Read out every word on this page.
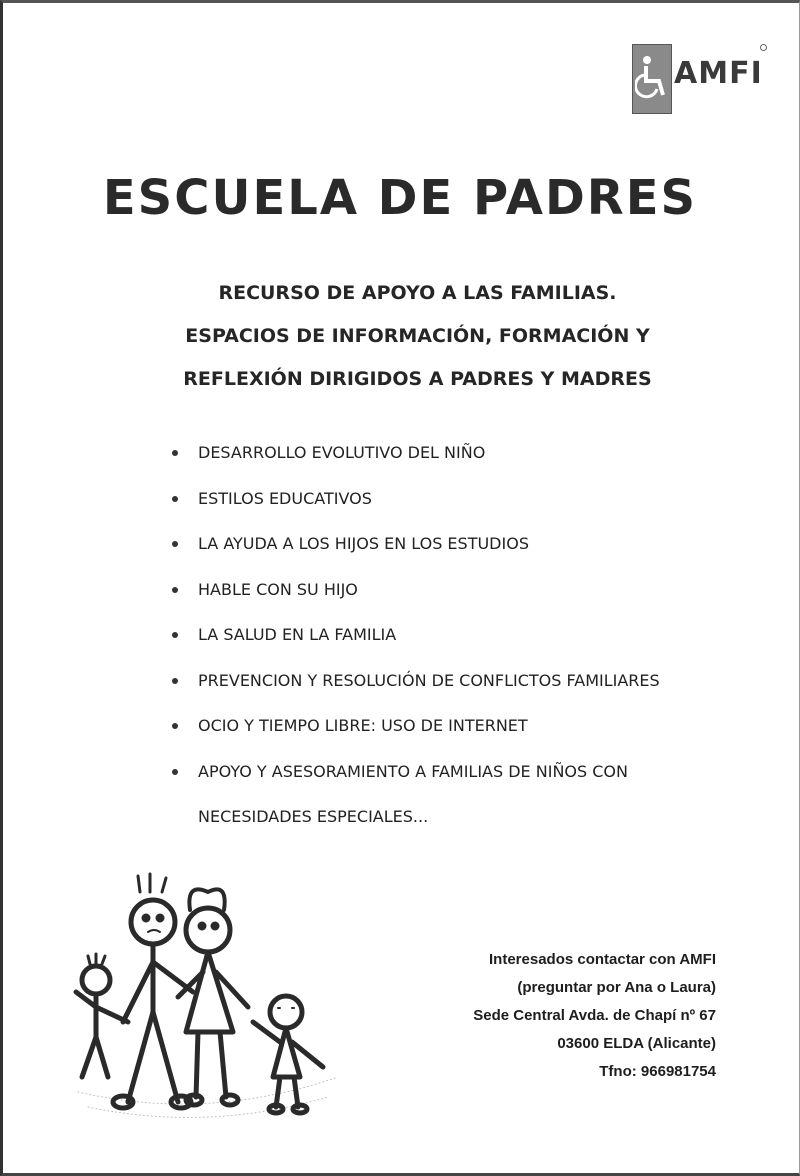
AMFI
ESCUELA DE PADRES
RECURSO DE APOYO A LAS FAMILIAS.
ESPACIOS DE INFORMACIÓN, FORMACIÓN Y
REFLEXIÓN DIRIGIDOS A PADRES Y MADRES
DESARROLLO EVOLUTIVO DEL NIÑO
ESTILOS EDUCATIVOS
LA AYUDA A LOS HIJOS EN LOS ESTUDIOS
HABLE CON SU HIJO
LA SALUD EN LA FAMILIA
PREVENCION Y RESOLUCIÓN DE CONFLICTOS FAMILIARES
OCIO Y TIEMPO LIBRE: USO DE INTERNET
APOYO Y ASESORAMIENTO A FAMILIAS DE NIÑOS CON
NECESIDADES ESPECIALES...
Interesados contactar con AMFI
(preguntar por Ana o Laura)
Sede Central Avda. de Chapí nº 67
03600 ELDA (Alicante)
Tfno: 966981754
